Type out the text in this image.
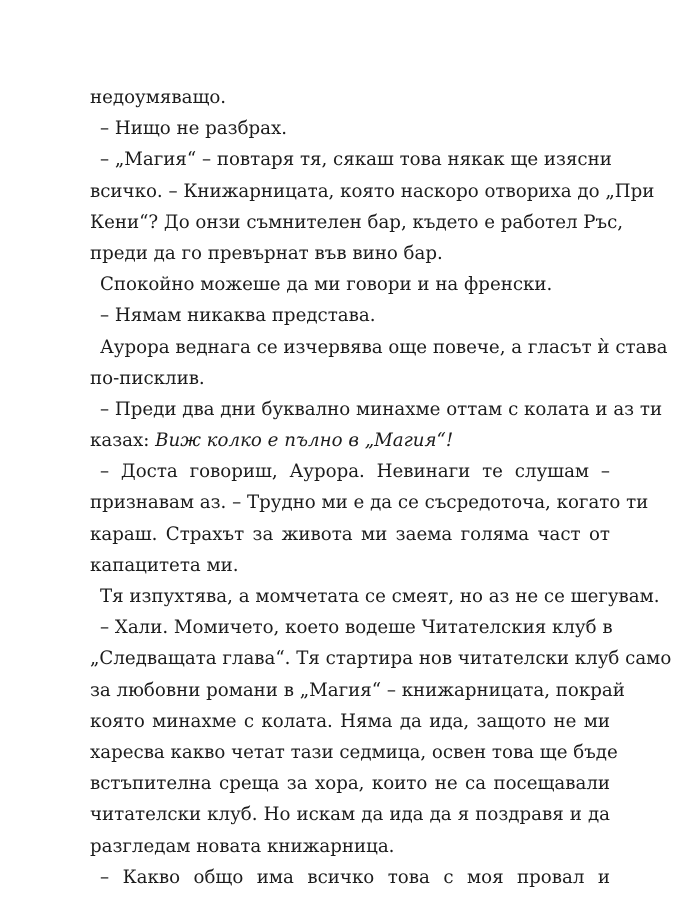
недоумяващо.
– Нищо не разбрах.
– „Магия“ – повтаря тя, сякаш това някак ще изясни
всичко. – Книжарницата, която наскоро отвориха до „При
Кени“? До онзи съмнителен бар, където е работел Ръс,
преди да го превърнат във вино бар.
Спокойно можеше да ми говори и на френски.
– Нямам никаква представа.
Аурора веднага се изчервява още повече, а гласът ѝ става
по-писклив.
– Преди два дни буквално минахме оттам с колата и аз ти
казах: Виж колко е пълно в „Магия“!
– Доста говориш, Аурора. Невинаги те слушам –
признавам аз. – Трудно ми е да се съсредоточа, когато ти
караш. Страхът за живота ми заема голяма част от
капацитета ми.
Тя изпухтява, а момчетата се смеят, но аз не се шегувам.
– Хали. Момичето, което водеше Читателския клуб в
„Следващата глава“. Тя стартира нов читателски клуб само
за любовни романи в „Магия“ – книжарницата, покрай
която минахме с колата. Няма да ида, защото не ми
харесва какво четат тази седмица, освен това ще бъде
встъпителна среща за хора, които не са посещавали
читателски клуб. Но искам да ида да я поздравя и да
разгледам новата книжарница.
– Какво общо има всичко това с моя провал и
